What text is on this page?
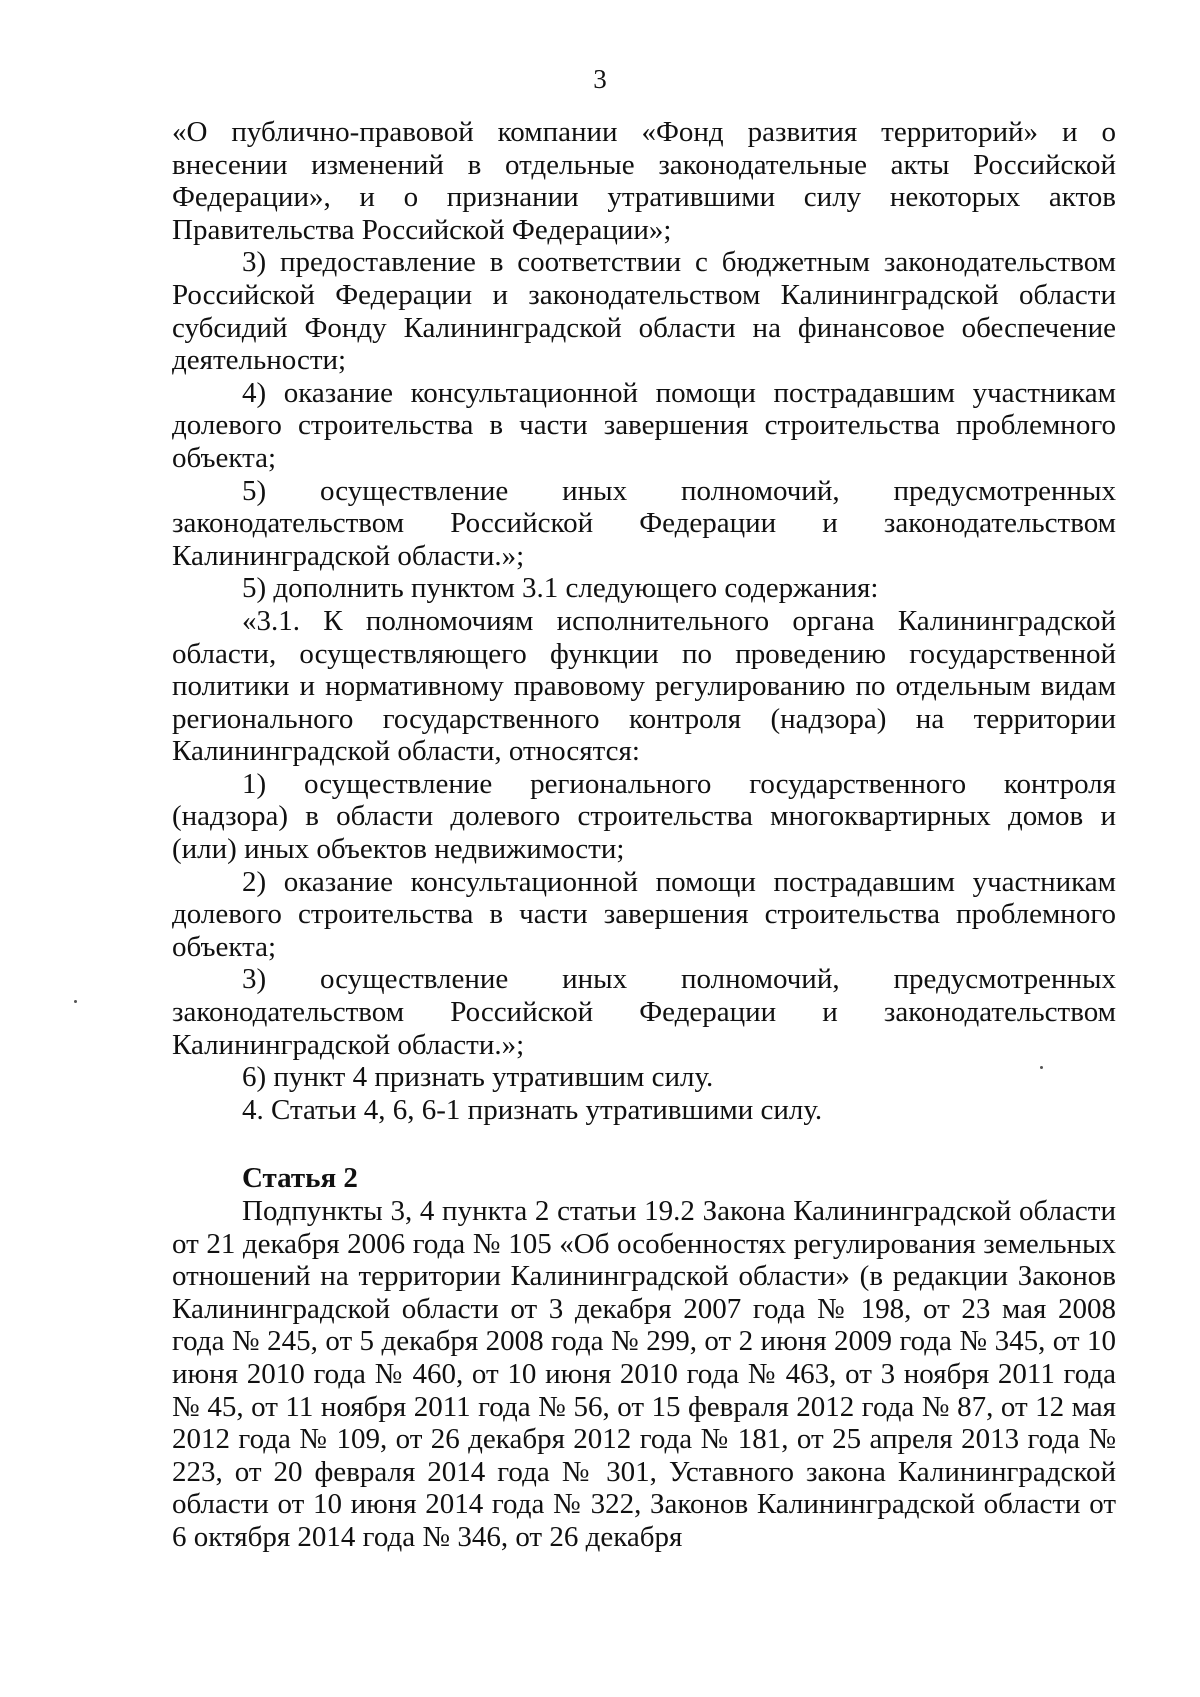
3

«О публично-правовой компании «Фонд развития территорий» и о внесении изменений в отдельные законодательные акты Российской Федерации», и о признании утратившими силу некоторых актов Правительства Российской Федерации»;

3) предоставление в соответствии с бюджетным законодательством Российской Федерации и законодательством Калининградской области субсидий Фонду Калининградской области на финансовое обеспечение деятельности;

4) оказание консультационной помощи пострадавшим участникам долевого строительства в части завершения строительства проблемного объекта;

5) осуществление иных полномочий, предусмотренных законодательством Российской Федерации и законодательством Калининградской области.»;

5) дополнить пунктом 3.1 следующего содержания:

«3.1. К полномочиям исполнительного органа Калининградской области, осуществляющего функции по проведению государственной политики и нормативному правовому регулированию по отдельным видам регионального государственного контроля (надзора) на территории Калининградской области, относятся:

1) осуществление регионального государственного контроля (надзора) в области долевого строительства многоквартирных домов и (или) иных объектов недвижимости;

2) оказание консультационной помощи пострадавшим участникам долевого строительства в части завершения строительства проблемного объекта;

3) осуществление иных полномочий, предусмотренных законодательством Российской Федерации и законодательством Калининградской области.»;

6) пункт 4 признать утратившим силу.

4. Статьи 4, 6, 6-1 признать утратившими силу.

Статья 2

Подпункты 3, 4 пункта 2 статьи 19.2 Закона Калининградской области от 21 декабря 2006 года № 105 «Об особенностях регулирования земельных отношений на территории Калининградской области» (в редакции Законов Калининградской области от 3 декабря 2007 года № 198, от 23 мая 2008 года № 245, от 5 декабря 2008 года № 299, от 2 июня 2009 года № 345, от 10 июня 2010 года № 460, от 10 июня 2010 года № 463, от 3 ноября 2011 года № 45, от 11 ноября 2011 года № 56, от 15 февраля 2012 года № 87, от 12 мая 2012 года № 109, от 26 декабря 2012 года № 181, от 25 апреля 2013 года № 223, от 20 февраля 2014 года № 301, Уставного закона Калининградской области от 10 июня 2014 года № 322, Законов Калининградской области от 6 октября 2014 года № 346, от 26 декабря
